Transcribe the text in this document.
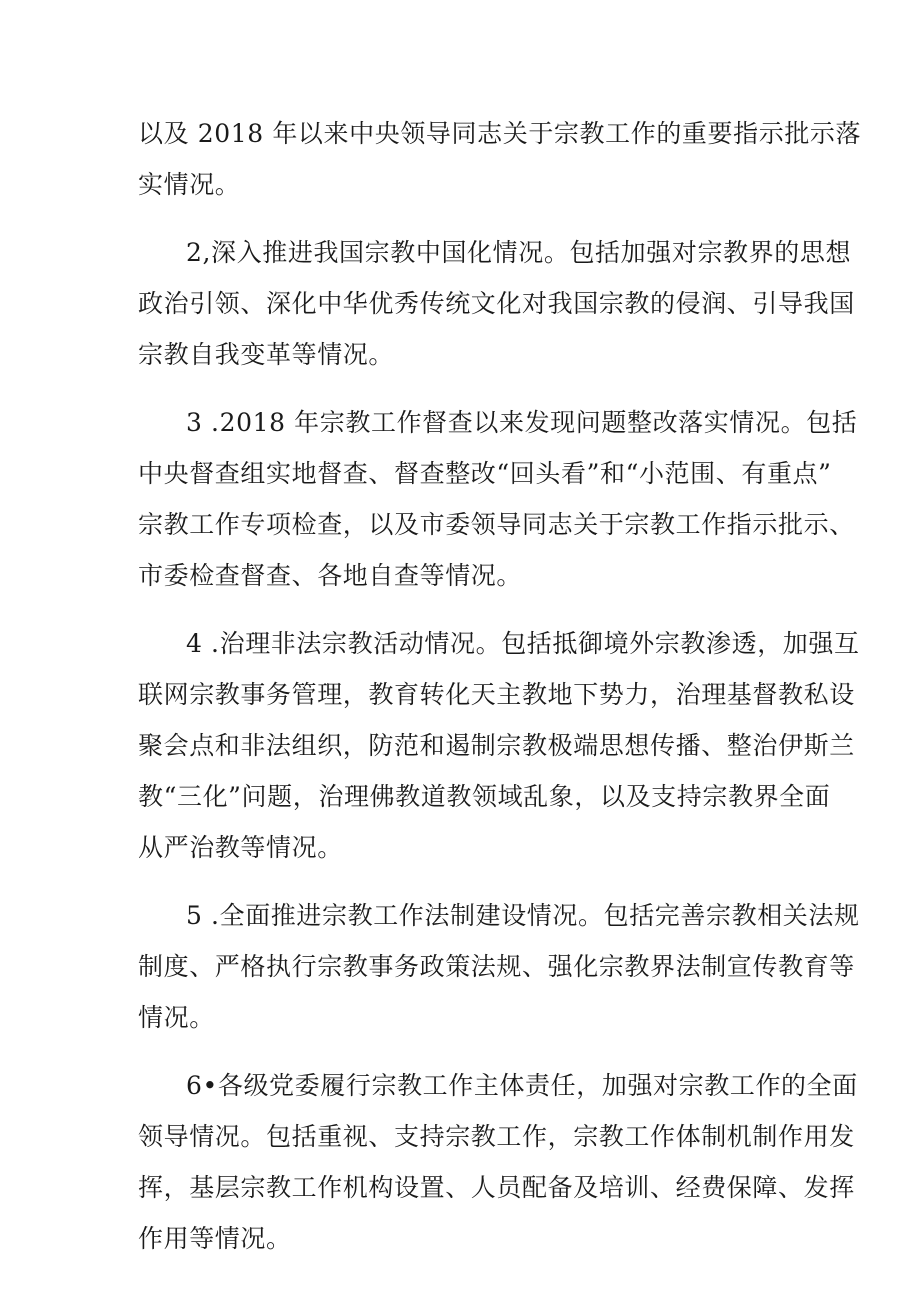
以及 2018 年以来中央领导同志关于宗教工作的重要指示批示落
实情况。

2,深入推进我国宗教中国化情况。包括加强对宗教界的思想
政治引领、深化中华优秀传统文化对我国宗教的侵润、引导我国
宗教自我变革等情况。

3 .2018 年宗教工作督查以来发现问题整改落实情况。包括
中央督查组实地督查、督查整改“回头看”和“小范围、有重点”
宗教工作专项检查，以及市委领导同志关于宗教工作指示批示、
市委检查督查、各地自查等情况。

4 .治理非法宗教活动情况。包括抵御境外宗教渗透，加强互
联网宗教事务管理，教育转化天主教地下势力，治理基督教私设
聚会点和非法组织，防范和遏制宗教极端思想传播、整治伊斯兰
教“三化”问题，治理佛教道教领域乱象，以及支持宗教界全面
从严治教等情况。

5 .全面推进宗教工作法制建设情况。包括完善宗教相关法规
制度、严格执行宗教事务政策法规、强化宗教界法制宣传教育等
情况。

6•各级党委履行宗教工作主体责任，加强对宗教工作的全面
领导情况。包括重视、支持宗教工作，宗教工作体制机制作用发
挥，基层宗教工作机构设置、人员配备及培训、经费保障、发挥
作用等情况。
